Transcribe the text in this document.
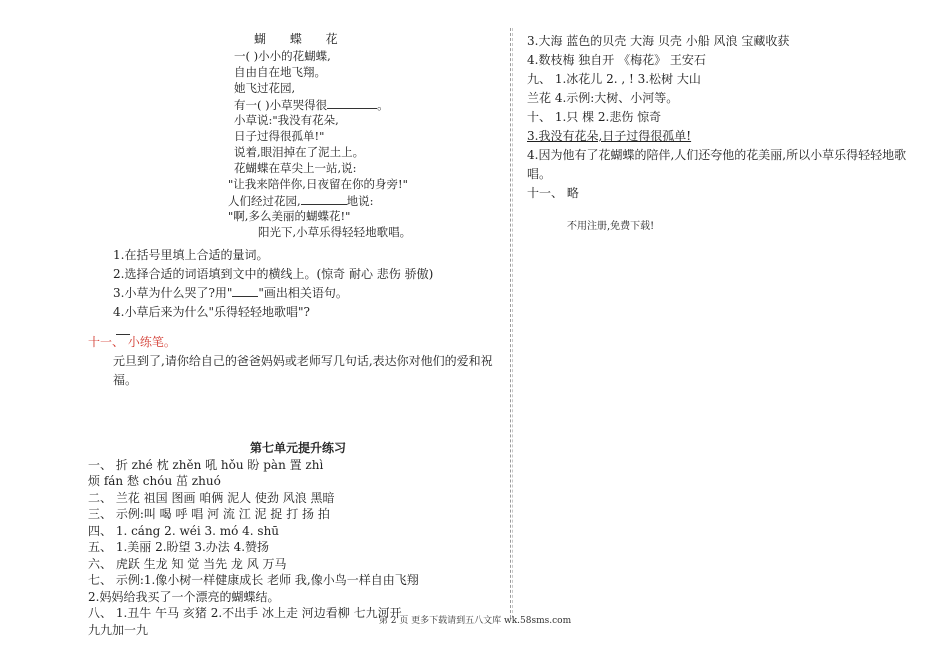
蝴 蝶 花
一( )小小的花蝴蝶,
自由自在地飞翔。
她飞过花园,
有一( )小草哭得很	。
小草说:"我没有花朵,
日子过得很孤单!"
说着,眼泪掉在了泥土上。
花蝴蝶在草尖上一站,说:
"让我来陪伴你,日夜留在你的身旁!"
人们经过花园,	地说:
"啊,多么美丽的蝴蝶花!"
阳光下,小草乐得轻轻地歌唱。
1.在括号里填上合适的量词。
2.选择合适的词语填到文中的横线上。(惊奇 耐心 悲伤 骄傲)
3.小草为什么哭了?用" "画出相关语句。
4.小草后来为什么"乐得轻轻地歌唱"?
十一、 小练笔。
元旦到了,请你给自己的爸爸妈妈或老师写几句话,表达你对他们的爱和祝福。
第七单元提升练习
一、 折 zhé 枕 zhěn 吼 hǒu 盼 pàn 置 zhì
烦 fán 愁 chóu 茁 zhuó
二、 兰花 祖国 图画 咱俩 泥人 使劲 风浪 黑暗
三、 示例:叫 喝 呼 唱 河 流 江 泥 捉 打 扬 拍
四、 1. cáng 2. wéi 3. mó 4. shū
五、 1.美丽 2.盼望 3.办法 4.赞扬
六、 虎跃 生龙 知 觉 当先 龙 风 万马
七、 示例:1.像小树一样健康成长 老师 我,像小鸟一样自由飞翔
2.妈妈给我买了一个漂亮的蝴蝶结。
八、 1.丑牛 午马 亥猪 2.不出手 冰上走 河边看柳 七九河开
九九加一九
3.大海 蓝色的贝壳 大海 贝壳 小船 风浪 宝藏收获
4.数枝梅 独自开 《梅花》 王安石
九、 1.冰花儿 2. , ! 3.松树 大山
兰花 4.示例:大树、小河等。
十、 1.只 棵 2.悲伤 惊奇
3.我没有花朵,日子过得很孤单!
4.因为他有了花蝴蝶的陪伴,人们还夸他的花美丽,所以小草乐得轻轻地歌唱。
十一、 略
不用注册,免费下载!
第 2 页 更多下载请到五八文库 wk.58sms.com
